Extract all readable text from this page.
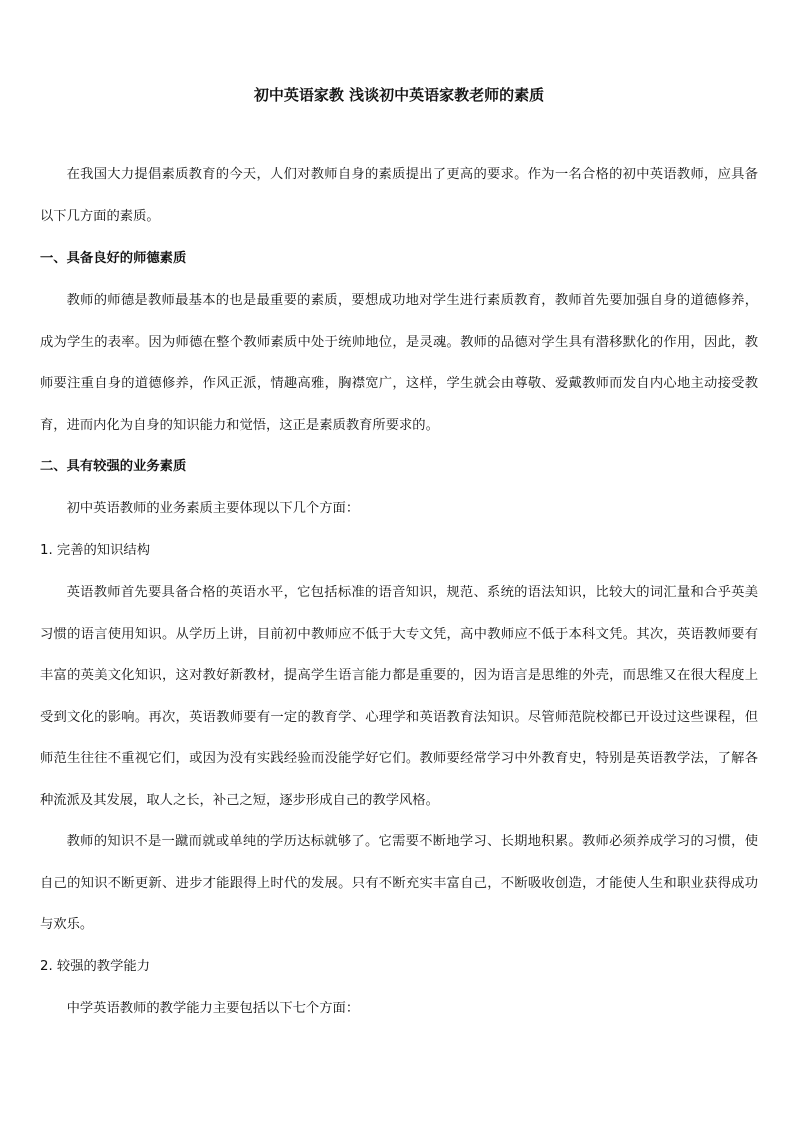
初中英语家教 浅谈初中英语家教老师的素质

在我国大力提倡素质教育的今天，人们对教师自身的素质提出了更高的要求。作为一名合格的初中英语教师，应具备以下几方面的素质。

一、具备良好的师德素质

教师的师德是教师最基本的也是最重要的素质，要想成功地对学生进行素质教育，教师首先要加强自身的道德修养，成为学生的表率。因为师德在整个教师素质中处于统帅地位，是灵魂。教师的品德对学生具有潜移默化的作用，因此，教师要注重自身的道德修养，作风正派，情趣高雅，胸襟宽广，这样，学生就会由尊敬、爱戴教师而发自内心地主动接受教育，进而内化为自身的知识能力和觉悟，这正是素质教育所要求的。

二、具有较强的业务素质

初中英语教师的业务素质主要体现以下几个方面：

1. 完善的知识结构

英语教师首先要具备合格的英语水平，它包括标准的语音知识，规范、系统的语法知识，比较大的词汇量和合乎英美习惯的语言使用知识。从学历上讲，目前初中教师应不低于大专文凭，高中教师应不低于本科文凭。其次，英语教师要有丰富的英美文化知识，这对教好新教材，提高学生语言能力都是重要的，因为语言是思维的外壳，而思维又在很大程度上受到文化的影响。再次，英语教师要有一定的教育学、心理学和英语教育法知识。尽管师范院校都已开设过这些课程，但师范生往往不重视它们，或因为没有实践经验而没能学好它们。教师要经常学习中外教育史，特别是英语教学法，了解各种流派及其发展，取人之长，补己之短，逐步形成自己的教学风格。

教师的知识不是一蹴而就或单纯的学历达标就够了。它需要不断地学习、长期地积累。教师必须养成学习的习惯，使自己的知识不断更新、进步才能跟得上时代的发展。只有不断充实丰富自己，不断吸收创造，才能使人生和职业获得成功与欢乐。

2. 较强的教学能力

中学英语教师的教学能力主要包括以下七个方面：
